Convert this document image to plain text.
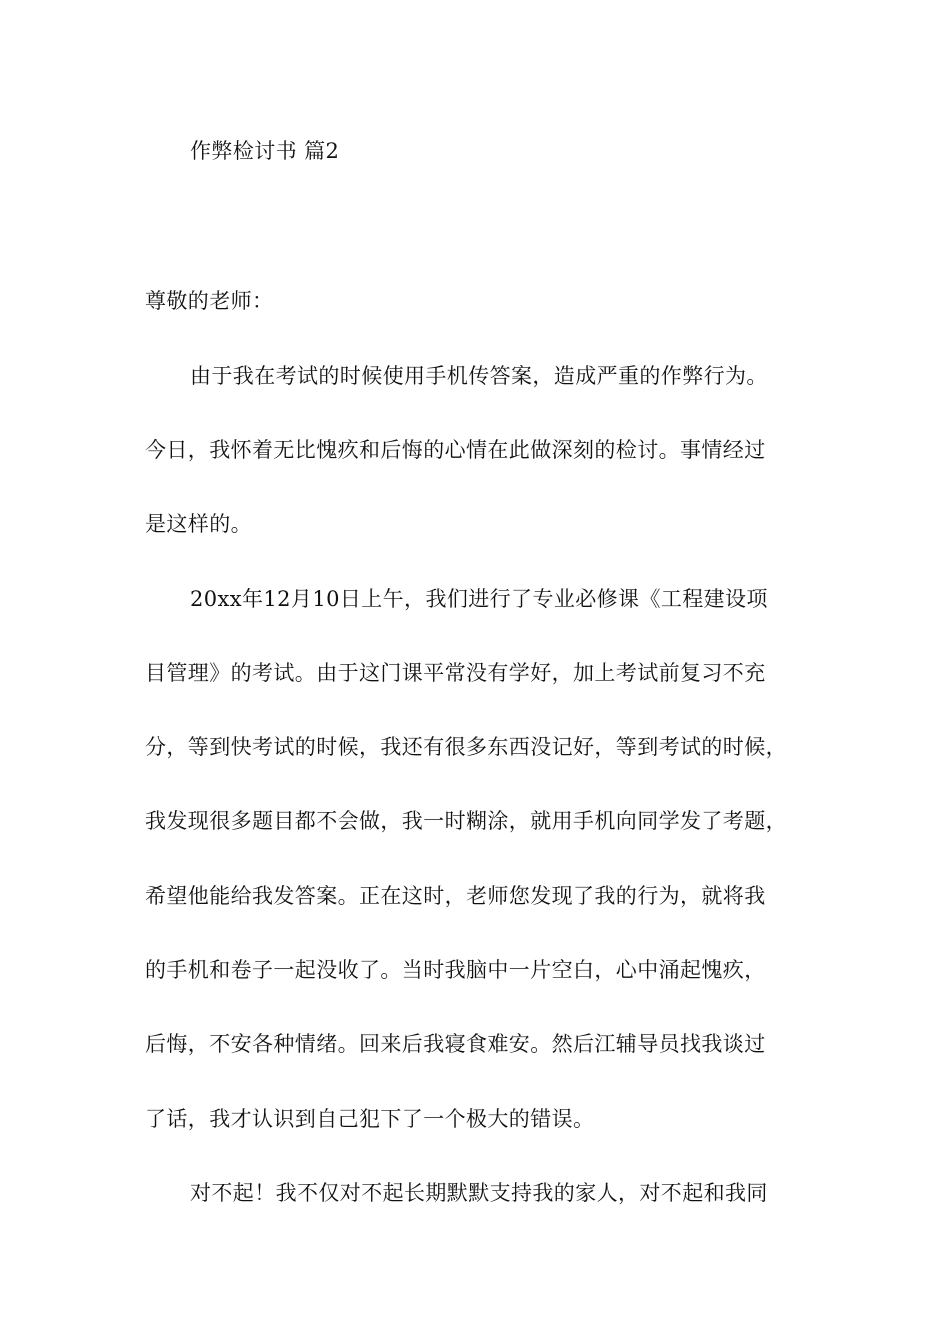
作弊检讨书 篇2
尊敬的老师：
由于我在考试的时候使用手机传答案，造成严重的作弊行为。
今日，我怀着无比愧疚和后悔的心情在此做深刻的检讨。事情经过
是这样的。
20xx年12月10日上午，我们进行了专业必修课《工程建设项
目管理》的考试。由于这门课平常没有学好，加上考试前复习不充
分，等到快考试的时候，我还有很多东西没记好，等到考试的时候，
我发现很多题目都不会做，我一时糊涂，就用手机向同学发了考题，
希望他能给我发答案。正在这时，老师您发现了我的行为，就将我
的手机和卷子一起没收了。当时我脑中一片空白，心中涌起愧疚，
后悔，不安各种情绪。回来后我寝食难安。然后江辅导员找我谈过
了话，我才认识到自己犯下了一个极大的错误。
对不起！我不仅对不起长期默默支持我的家人，对不起和我同
